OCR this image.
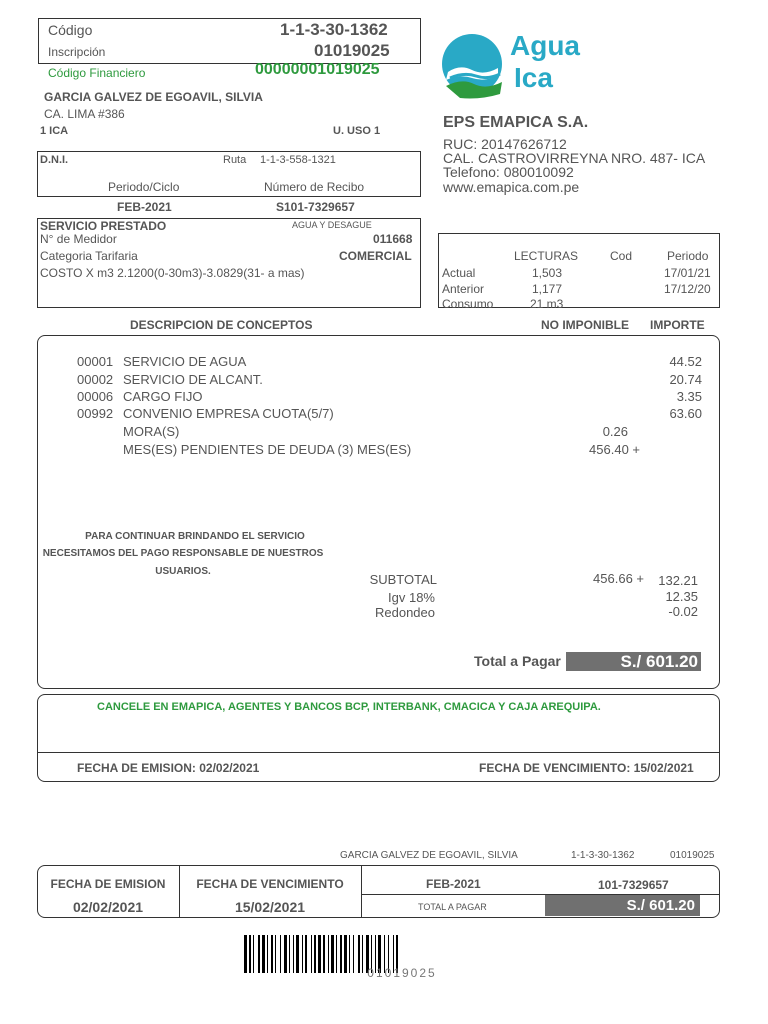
Código	1-1-3-30-1362
Inscripción	01019025
Código Financiero	00000001019025
GARCIA GALVEZ DE EGOAVIL, SILVIA
CA. LIMA #386
1 ICA	U. USO 1
Agua
Ica
EPS EMAPICA S.A.
RUC: 20147626712
CAL. CASTROVIRREYNA NRO. 487- ICA
Telefono: 080010092
www.emapica.com.pe
D.N.I.	Ruta 1-1-3-558-1321
Periodo/Ciclo	Número de Recibo
FEB-2021	S101-7329657
SERVICIO PRESTADO	AGUA Y DESAGUE
N° de Medidor	011668
Categoria Tarifaria	COMERCIAL
COSTO X m3 2.1200(0-30m3)-3.0829(31- a mas)
LECTURAS	Cod	Periodo
Actual	1,503	17/01/21
Anterior	1,177	17/12/20
Consumo	21 m3
DESCRIPCION DE CONCEPTOS	NO IMPONIBLE IMPORTE
00001 SERVICIO DE AGUA	44.52
00002 SERVICIO DE ALCANT.	20.74
00006 CARGO FIJO	3.35
00992 CONVENIO EMPRESA CUOTA(5/7)	63.60
MORA(S)	0.26
MES(ES) PENDIENTES DE DEUDA (3) MES(ES)	456.40 +
PARA CONTINUAR BRINDANDO EL SERVICIO
NECESITAMOS DEL PAGO RESPONSABLE DE NUESTROS
USUARIOS.
SUBTOTAL	456.66 +	132.21
Igv 18%	12.35
Redondeo	-0.02
Total a Pagar	S./ 601.20
CANCELE EN EMAPICA, AGENTES Y BANCOS BCP, INTERBANK, CMACICA Y CAJA AREQUIPA.
FECHA DE EMISION: 02/02/2021	FECHA DE VENCIMIENTO: 15/02/2021
GARCIA GALVEZ DE EGOAVIL, SILVIA	1-1-3-30-1362	01019025
FECHA DE EMISION
02/02/2021
FECHA DE VENCIMIENTO
15/02/2021
FEB-2021	101-7329657
TOTAL A PAGAR	S./ 601.20
01019025
